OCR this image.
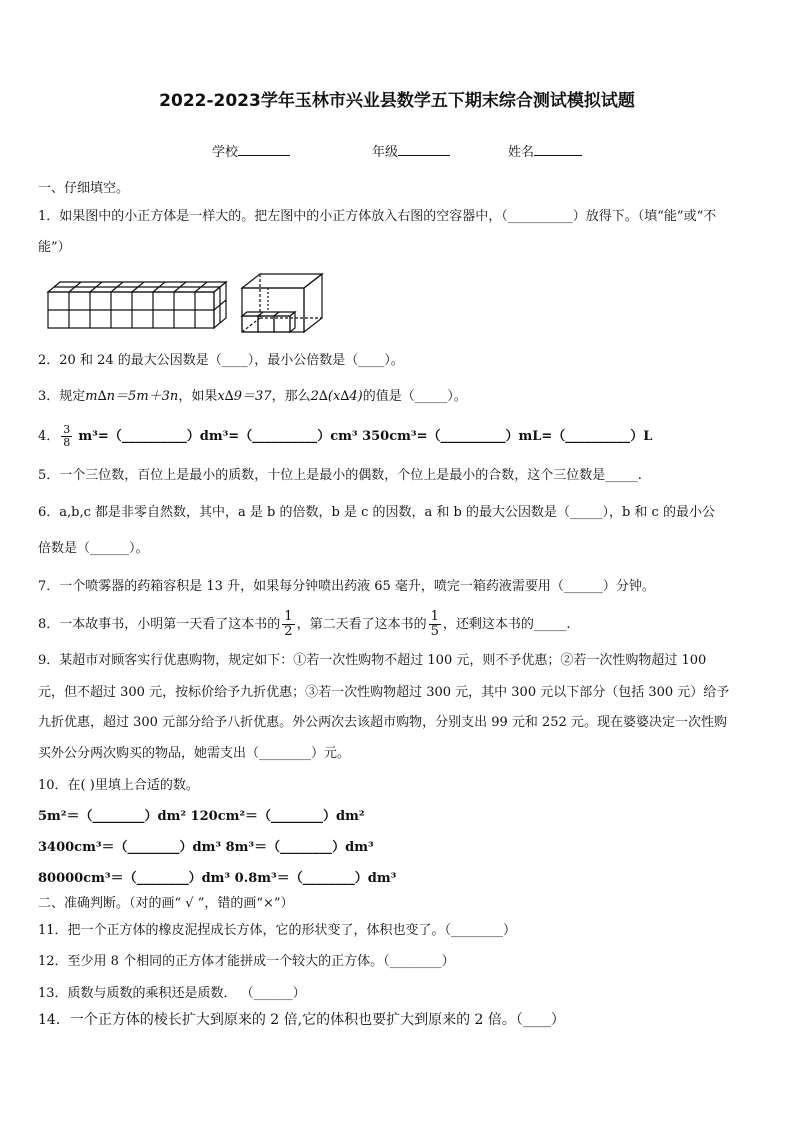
2022-2023学年玉林市兴业县数学五下期末综合测试模拟试题
学校	年级	姓名
一、仔细填空。
1．如果图中的小正方体是一样大的。把左图中的小正方体放入右图的空容器中，（__________）放得下。（填“能”或“不
能”）
2．20 和 24 的最大公因数是（____），最小公倍数是（____）。
3．规定m∆n＝5m＋3n，如果x∆9＝37，那么2∆(x∆4)的值是（_____）。
4． $\frac{3}{8}$ m³=（__________）dm³=（__________）cm³ 350cm³=（__________）mL=（__________）L
5．一个三位数，百位上是最小的质数，十位上是最小的偶数，个位上是最小的合数，这个三位数是_____.
6．a,b,c 都是非零自然数，其中，a 是 b 的倍数，b 是 c 的因数，a 和 b 的最大公因数是（_____），b 和 c 的最小公
倍数是（______）。
7．一个喷雾器的药箱容积是 13 升，如果每分钟喷出药液 65 毫升，喷完一箱药液需要用（______）分钟。
8．一本故事书，小明第一天看了这本书的 $\frac{1}{2}$ ，第二天看了这本书的 $\frac{1}{5}$ ，还剩这本书的_____.
9．某超市对顾客实行优惠购物，规定如下：①若一次性购物不超过 100 元，则不予优惠；②若一次性购物超过 100
元，但不超过 300 元，按标价给予九折优惠；③若一次性购物超过 300 元，其中 300 元以下部分（包括 300 元）给予
九折优惠，超过 300 元部分给予八折优惠。外公两次去该超市购物，分别支出 99 元和 252 元。现在婆婆决定一次性购
买外公分两次购买的物品，她需支出（________）元。
10．在( )里填上合适的数。
5m²＝（________）dm² 120cm²＝（________）dm²
3400cm³＝（________）dm³ 8m³＝（________）dm³
80000cm³＝（________）dm³ 0.8m³＝（________）dm³
二、准确判断。（对的画“ √ ”，错的画“×”）
11．把一个正方体的橡皮泥捏成长方体，它的形状变了，体积也变了。（________）
12．至少用 8 个相同的正方体才能拼成一个较大的正方体。（________）
13．质数与质数的乘积还是质数． （______）
14．一个正方体的棱长扩大到原来的 2 倍,它的体积也要扩大到原来的 2 倍。（____）
